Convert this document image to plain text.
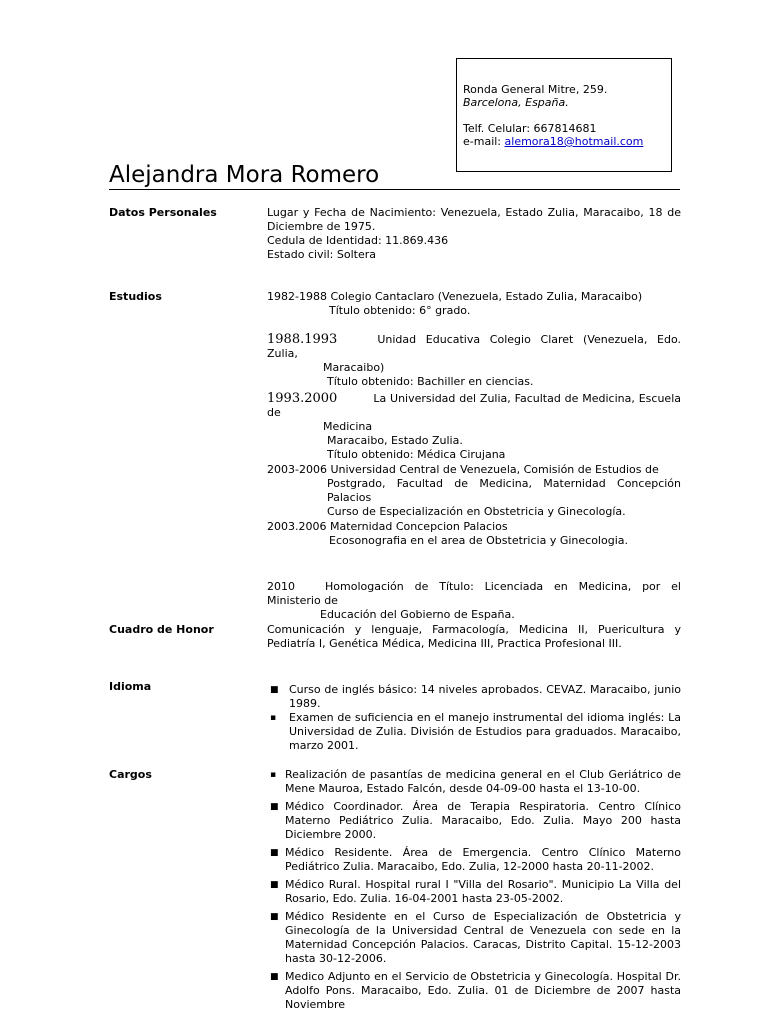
Ronda General Mitre, 259.
Barcelona, España.
Telf. Celular: 667814681
e-mail: alemora18@hotmail.com
Alejandra Mora Romero
Datos Personales	Lugar y Fecha de Nacimiento: Venezuela, Estado Zulia, Maracaibo, 18 de Diciembre de 1975.
Cedula de Identidad: 11.869.436
Estado civil: Soltera
Estudios	1982-1988 Colegio Cantaclaro (Venezuela, Estado Zulia, Maracaibo)

Título obtenido: 6° grado.

1988.1993	Unidad Educativa Colegio Claret (Venezuela, Edo. Zulia,

Maracaibo)

Título obtenido: Bachiller en ciencias.

1993.2000	La Universidad del Zulia, Facultad de Medicina, Escuela de

Medicina

Maracaibo, Estado Zulia.

Título obtenido: Médica Cirujana

2003-2006 Universidad Central de Venezuela, Comisión de Estudios de

Postgrado, Facultad de Medicina, Maternidad Concepción Palacios

Curso de Especialización en Obstetricia y Ginecología.

2003.2006 Maternidad Concepcion Palacios

Ecosonografia en el area de Obstetricia y Ginecologia.

2010	Homologación de Título: Licenciada en Medicina, por el Ministerio de

Educación del Gobierno de España.

Cuadro de Honor	Comunicación y lenguaje, Farmacología, Medicina II, Puericultura y Pediatría I, Genética Médica, Medicina III, Practica Profesional III.
Idioma	■ Curso de inglés básico: 14 niveles aprobados. CEVAZ. Maracaibo, junio 1989.
▪ Examen de suficiencia en el manejo instrumental del idioma inglés: La Universidad de Zulia. División de Estudios para graduados. Maracaibo, marzo 2001.
Cargos	▪ Realización de pasantías de medicina general en el Club Geriátrico de Mene Mauroa, Estado Falcón, desde 04-09-00 hasta el 13-10-00.
■ Médico Coordinador. Área de Terapia Respiratoria. Centro Clínico Materno Pediátrico Zulia. Maracaibo, Edo. Zulia. Mayo 200 hasta Diciembre 2000.
■ Médico Residente. Área de Emergencia. Centro Clínico Materno Pediátrico Zulia. Maracaibo, Edo. Zulia, 12-2000 hasta 20-11-2002.
■ Médico Rural. Hospital rural I "Villa del Rosario". Municipio La Villa del Rosario, Edo. Zulia. 16-04-2001 hasta 23-05-2002.
■ Médico Residente en el Curso de Especialización de Obstetricia y Ginecología de la Universidad Central de Venezuela con sede en la Maternidad Concepción Palacios. Caracas, Distrito Capital. 15-12-2003 hasta 30-12-2006.
■ Medico Adjunto en el Servicio de Obstetricia y Ginecología. Hospital Dr. Adolfo Pons. Maracaibo, Edo. Zulia. 01 de Diciembre de 2007 hasta Noviembre
